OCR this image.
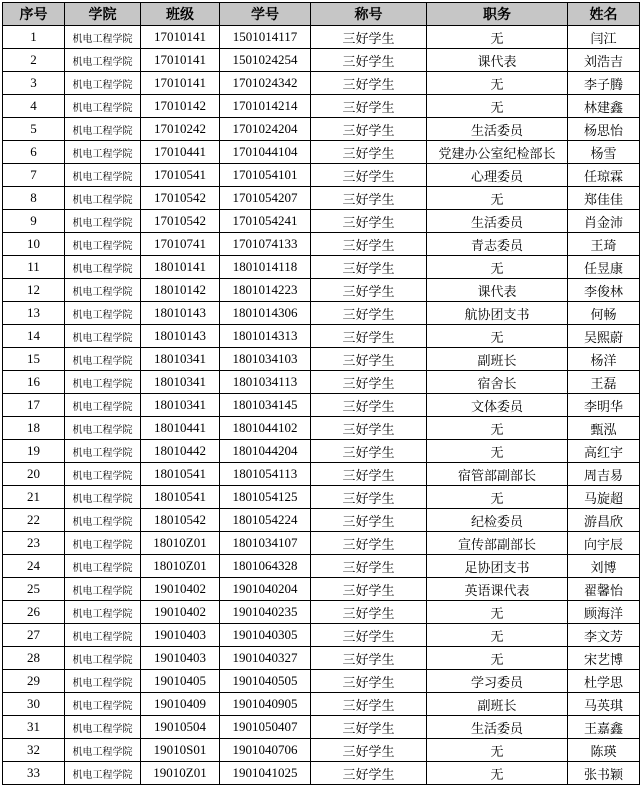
序号	学院	班级	学号	称号	职务	姓名
1	机电工程学院	17010141	1501014117	三好学生	无	闫江
2	机电工程学院	17010141	1501024254	三好学生	课代表	刘浩吉
3	机电工程学院	17010141	1701024342	三好学生	无	李子腾
4	机电工程学院	17010142	1701014214	三好学生	无	林建鑫
5	机电工程学院	17010242	1701024204	三好学生	生活委员	杨思怡
6	机电工程学院	17010441	1701044104	三好学生	党建办公室纪检部长	杨雪
7	机电工程学院	17010541	1701054101	三好学生	心理委员	任琼霖
8	机电工程学院	17010542	1701054207	三好学生	无	郑佳佳
9	机电工程学院	17010542	1701054241	三好学生	生活委员	肖金沛
10	机电工程学院	17010741	1701074133	三好学生	青志委员	王琦
11	机电工程学院	18010141	1801014118	三好学生	无	任昱康
12	机电工程学院	18010142	1801014223	三好学生	课代表	李俊林
13	机电工程学院	18010143	1801014306	三好学生	航协团支书	何畅
14	机电工程学院	18010143	1801014313	三好学生	无	吴熙蔚
15	机电工程学院	18010341	1801034103	三好学生	副班长	杨洋
16	机电工程学院	18010341	1801034113	三好学生	宿舍长	王磊
17	机电工程学院	18010341	1801034145	三好学生	文体委员	李明华
18	机电工程学院	18010441	1801044102	三好学生	无	甄泓
19	机电工程学院	18010442	1801044204	三好学生	无	高红宇
20	机电工程学院	18010541	1801054113	三好学生	宿管部副部长	周吉易
21	机电工程学院	18010541	1801054125	三好学生	无	马旋超
22	机电工程学院	18010542	1801054224	三好学生	纪检委员	游昌欣
23	机电工程学院	18010Z01	1801034107	三好学生	宣传部副部长	向宇辰
24	机电工程学院	18010Z01	1801064328	三好学生	足协团支书	刘博
25	机电工程学院	19010402	1901040204	三好学生	英语课代表	翟馨怡
26	机电工程学院	19010402	1901040235	三好学生	无	顾海洋
27	机电工程学院	19010403	1901040305	三好学生	无	李文芳
28	机电工程学院	19010403	1901040327	三好学生	无	宋艺博
29	机电工程学院	19010405	1901040505	三好学生	学习委员	杜学思
30	机电工程学院	19010409	1901040905	三好学生	副班长	马英琪
31	机电工程学院	19010504	1901050407	三好学生	生活委员	王嘉鑫
32	机电工程学院	19010S01	1901040706	三好学生	无	陈瑛
33	机电工程学院	19010Z01	1901041025	三好学生	无	张书颖
